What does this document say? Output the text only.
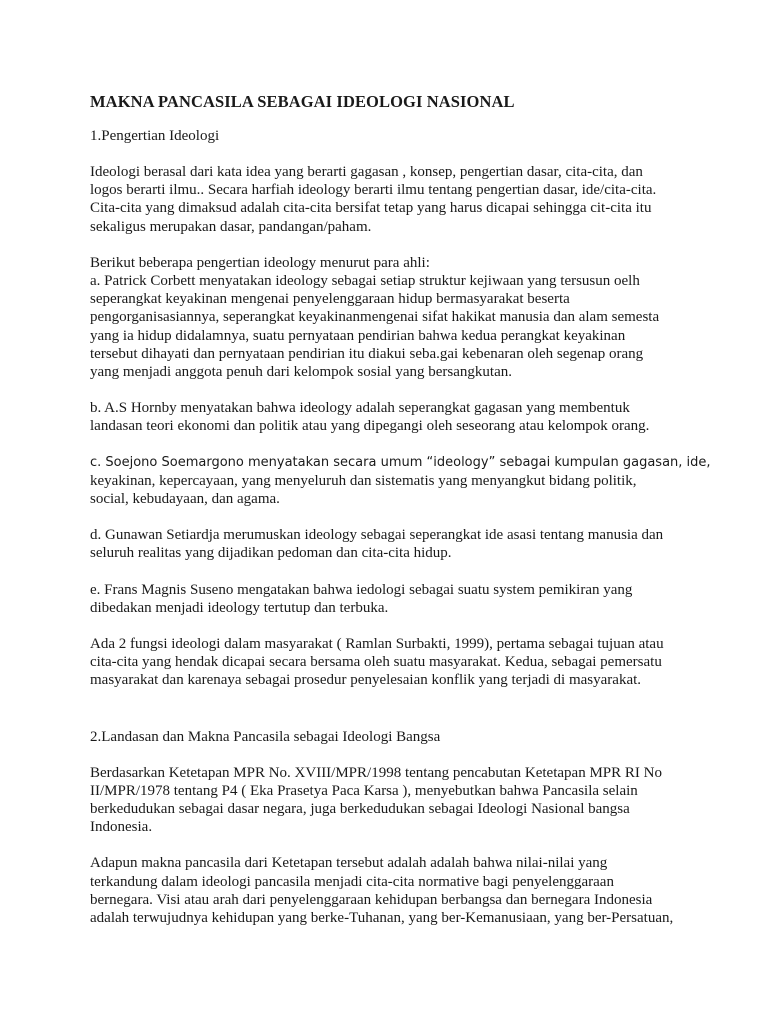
MAKNA PANCASILA SEBAGAI IDEOLOGI NASIONAL
1.Pengertian Ideologi
Ideologi berasal dari kata idea yang berarti gagasan , konsep, pengertian dasar, cita-cita, dan
logos berarti ilmu.. Secara harfiah ideology berarti ilmu tentang pengertian dasar, ide/cita-cita.
Cita-cita yang dimaksud adalah cita-cita bersifat tetap yang harus dicapai sehingga cit-cita itu
sekaligus merupakan dasar, pandangan/paham.
Berikut beberapa pengertian ideology menurut para ahli:
a. Patrick Corbett menyatakan ideology sebagai setiap struktur kejiwaan yang tersusun oelh
seperangkat keyakinan mengenai penyelenggaraan hidup bermasyarakat beserta
pengorganisasiannya, seperangkat keyakinanmengenai sifat hakikat manusia dan alam semesta
yang ia hidup didalamnya, suatu pernyataan pendirian bahwa kedua perangkat keyakinan
tersebut dihayati dan pernyataan pendirian itu diakui seba.gai kebenaran oleh segenap orang
yang menjadi anggota penuh dari kelompok sosial yang bersangkutan.
b. A.S Hornby menyatakan bahwa ideology adalah seperangkat gagasan yang membentuk
landasan teori ekonomi dan politik atau yang dipegangi oleh seseorang atau kelompok orang.
c. Soejono Soemargono menyatakan secara umum “ideology” sebagai kumpulan gagasan, ide,
keyakinan, kepercayaan, yang menyeluruh dan sistematis yang menyangkut bidang politik,
social, kebudayaan, dan agama.
d. Gunawan Setiardja merumuskan ideology sebagai seperangkat ide asasi tentang manusia dan
seluruh realitas yang dijadikan pedoman dan cita-cita hidup.
e. Frans Magnis Suseno mengatakan bahwa iedologi sebagai suatu system pemikiran yang
dibedakan menjadi ideology tertutup dan terbuka.
Ada 2 fungsi ideologi dalam masyarakat ( Ramlan Surbakti, 1999), pertama sebagai tujuan atau
cita-cita yang hendak dicapai secara bersama oleh suatu masyarakat. Kedua, sebagai pemersatu
masyarakat dan karenaya sebagai prosedur penyelesaian konflik yang terjadi di masyarakat.
2.Landasan dan Makna Pancasila sebagai Ideologi Bangsa
Berdasarkan Ketetapan MPR No. XVIII/MPR/1998 tentang pencabutan Ketetapan MPR RI No
II/MPR/1978 tentang P4 ( Eka Prasetya Paca Karsa ), menyebutkan bahwa Pancasila selain
berkedudukan sebagai dasar negara, juga berkedudukan sebagai Ideologi Nasional bangsa
Indonesia.
Adapun makna pancasila dari Ketetapan tersebut adalah adalah bahwa nilai-nilai yang
terkandung dalam ideologi pancasila menjadi cita-cita normative bagi penyelenggaraan
bernegara. Visi atau arah dari penyelenggaraan kehidupan berbangsa dan bernegara Indonesia
adalah terwujudnya kehidupan yang berke-Tuhanan, yang ber-Kemanusiaan, yang ber-Persatuan,
